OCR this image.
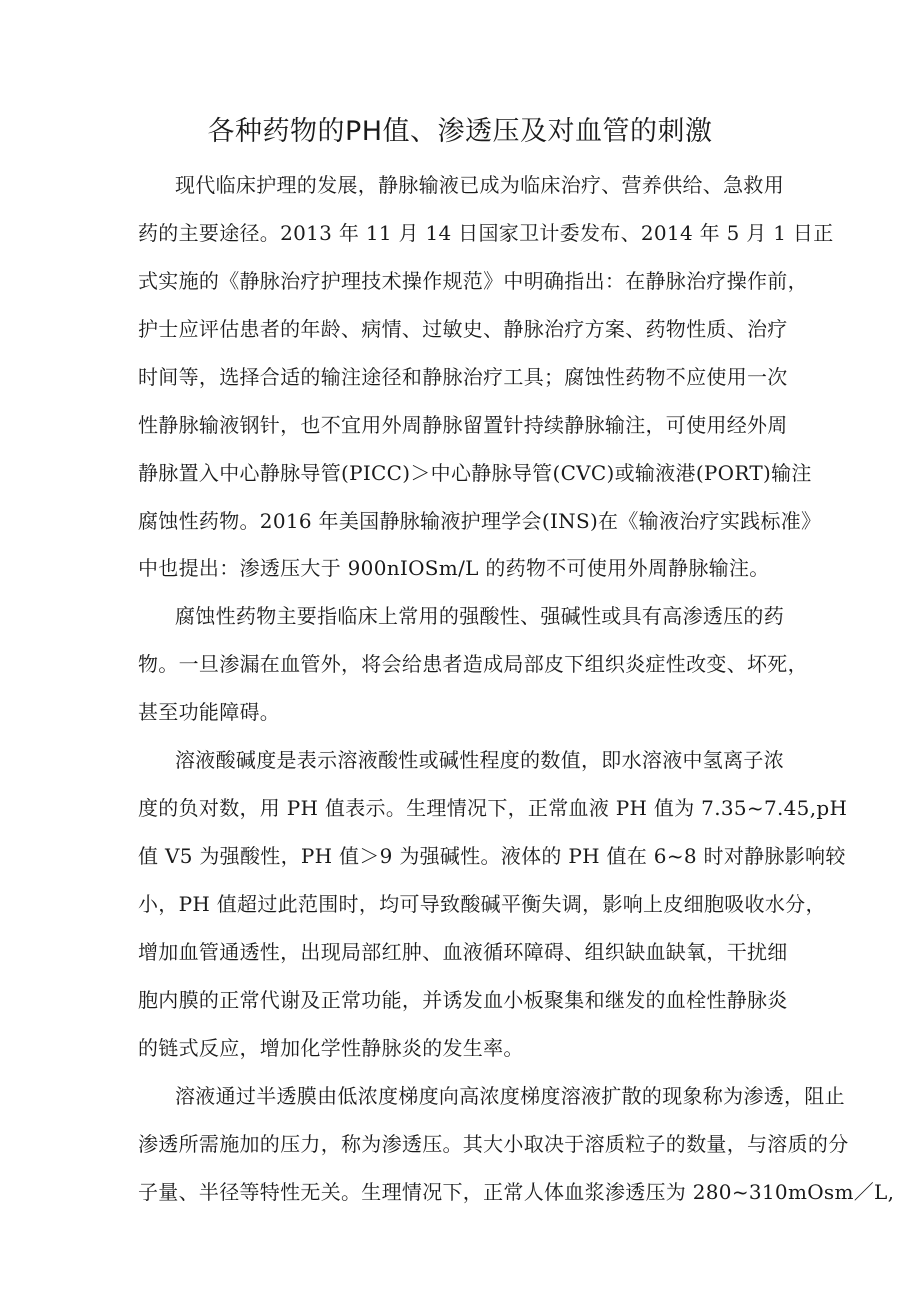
各种药物的PH值、渗透压及对血管的刺激
现代临床护理的发展，静脉输液已成为临床治疗、营养供给、急救用
药的主要途径。2013 年 11 月 14 日国家卫计委发布、2014 年 5 月 1 日正
式实施的《静脉治疗护理技术操作规范》中明确指出：在静脉治疗操作前，
护士应评估患者的年龄、病情、过敏史、静脉治疗方案、药物性质、治疗
时间等，选择合适的输注途径和静脉治疗工具；腐蚀性药物不应使用一次
性静脉输液钢针，也不宜用外周静脉留置针持续静脉输注，可使用经外周
静脉置入中心静脉导管(PICC)＞中心静脉导管(CVC)或输液港(PORT)输注
腐蚀性药物。2016 年美国静脉输液护理学会(INS)在《输液治疗实践标准》
中也提出：渗透压大于 900nIOSm/L 的药物不可使用外周静脉输注。
腐蚀性药物主要指临床上常用的强酸性、强碱性或具有高渗透压的药
物。一旦渗漏在血管外，将会给患者造成局部皮下组织炎症性改变、坏死，
甚至功能障碍。
溶液酸碱度是表示溶液酸性或碱性程度的数值，即水溶液中氢离子浓
度的负对数，用 PH 值表示。生理情况下，正常血液 PH 值为 7.35~7.45,pH
值 V5 为强酸性，PH 值＞9 为强碱性。液体的 PH 值在 6~8 时对静脉影响较
小，PH 值超过此范围时，均可导致酸碱平衡失调，影响上皮细胞吸收水分，
增加血管通透性，出现局部红肿、血液循环障碍、组织缺血缺氧，干扰细
胞内膜的正常代谢及正常功能，并诱发血小板聚集和继发的血栓性静脉炎
的链式反应，增加化学性静脉炎的发生率。
溶液通过半透膜由低浓度梯度向高浓度梯度溶液扩散的现象称为渗透，阻止
渗透所需施加的压力，称为渗透压。其大小取决于溶质粒子的数量，与溶质的分
子量、半径等特性无关。生理情况下，正常人体血浆渗透压为 280~310mOsm／L,
